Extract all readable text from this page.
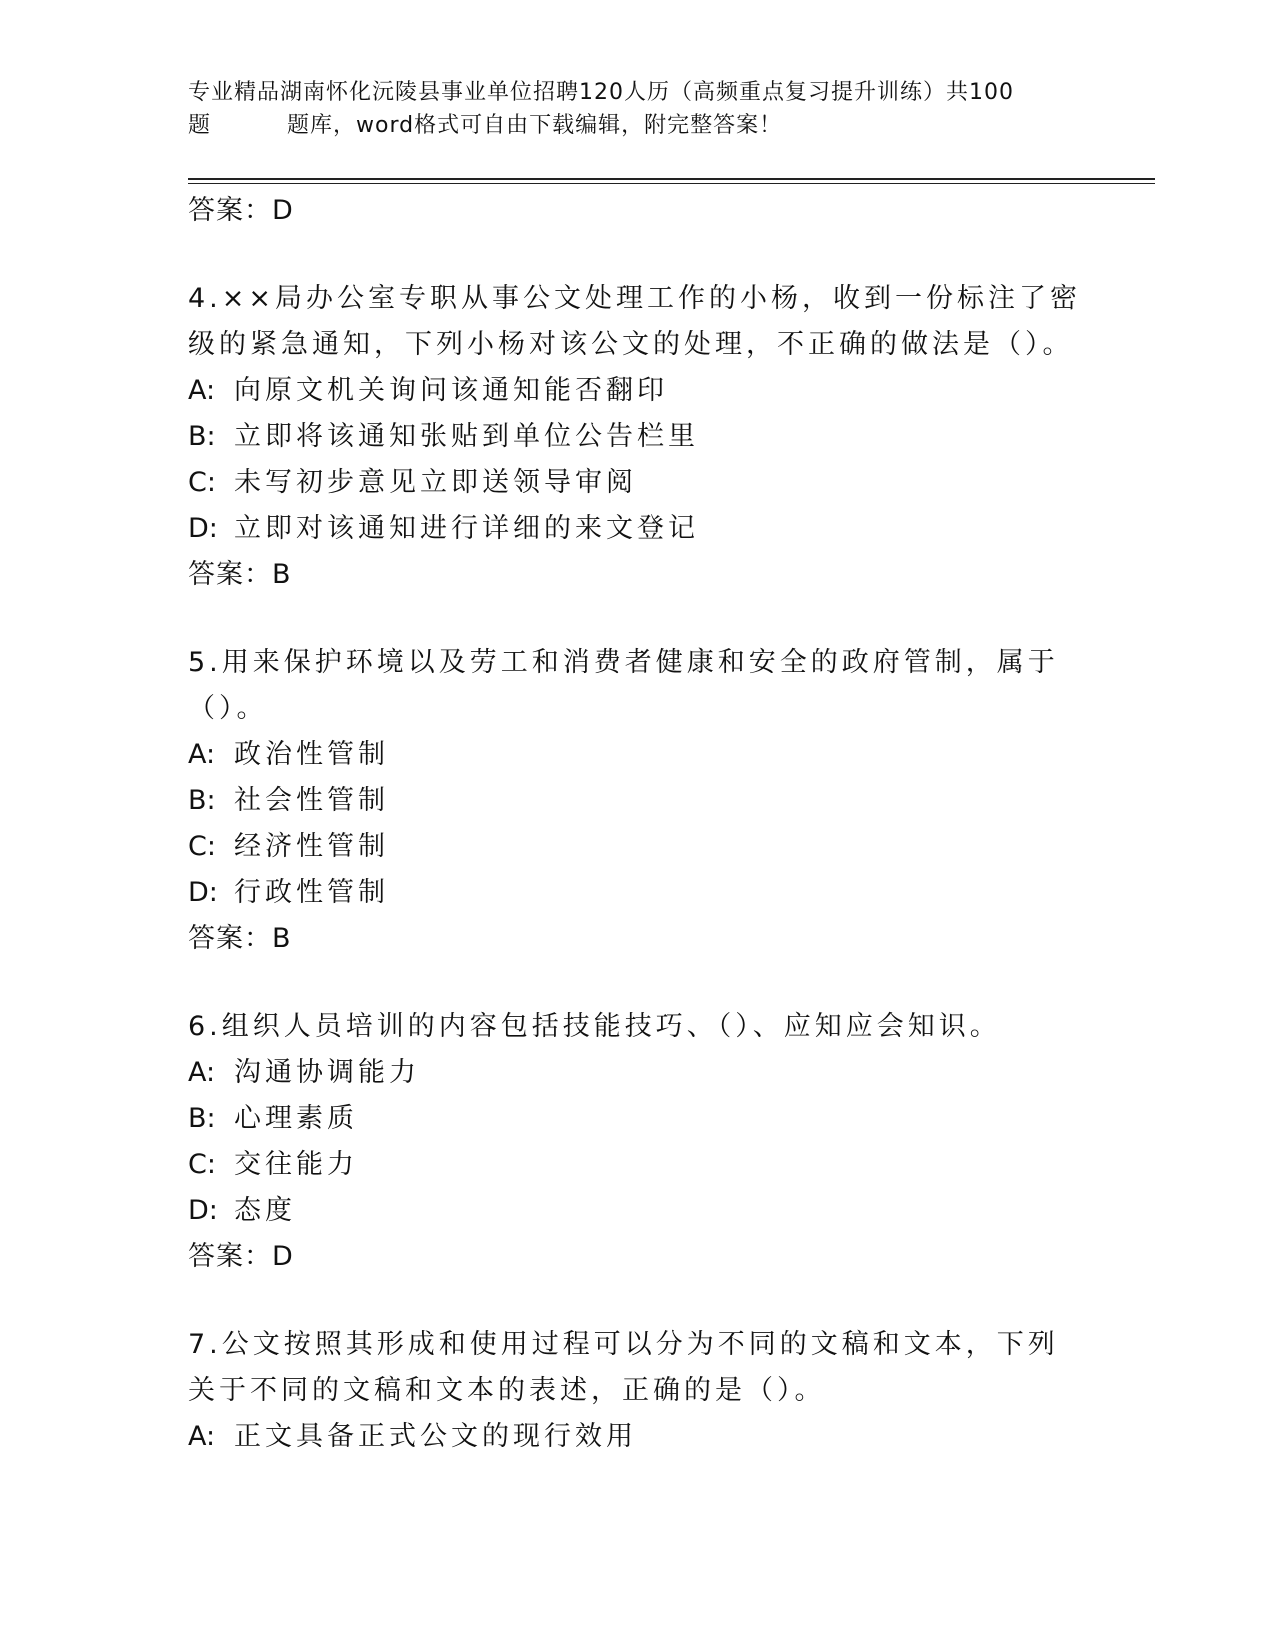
专业精品湖南怀化沅陵县事业单位招聘120人历（高频重点复习提升训练）共100
题	题库，word格式可自由下载编辑，附完整答案！
答案：D
4.××局办公室专职从事公文处理工作的小杨，收到一份标注了密级的紧急通知，下列小杨对该公文的处理，不正确的做法是（）。
A: 向原文机关询问该通知能否翻印
B: 立即将该通知张贴到单位公告栏里
C: 未写初步意见立即送领导审阅
D: 立即对该通知进行详细的来文登记
答案：B
5.用来保护环境以及劳工和消费者健康和安全的政府管制，属于（）。
A: 政治性管制
B: 社会性管制
C: 经济性管制
D: 行政性管制
答案：B
6.组织人员培训的内容包括技能技巧、（）、应知应会知识。
A: 沟通协调能力
B: 心理素质
C: 交往能力
D: 态度
答案：D
7.公文按照其形成和使用过程可以分为不同的文稿和文本，下列关于不同的文稿和文本的表述，正确的是（）。
A: 正文具备正式公文的现行效用
